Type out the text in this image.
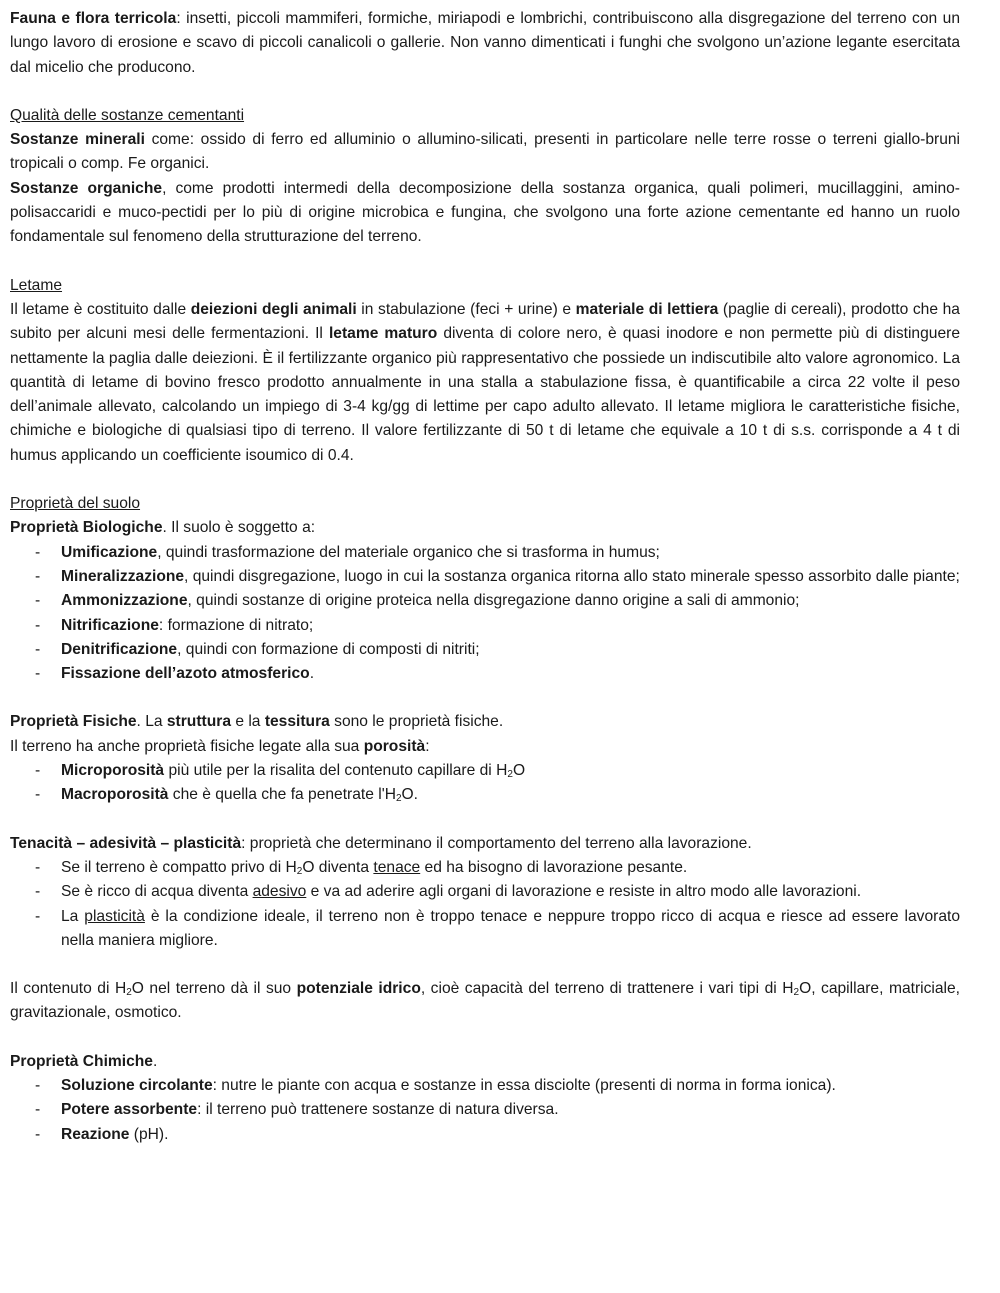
Fauna e flora terricola: insetti, piccoli mammiferi, formiche, miriapodi e lombrichi, contribuiscono alla disgregazione del terreno con un lungo lavoro di erosione e scavo di piccoli canalicoli o gallerie. Non vanno dimenticati i funghi che svolgono un’azione legante esercitata dal micelio che producono.

Qualità delle sostanze cementanti

Sostanze minerali come: ossido di ferro ed alluminio o allumino-silicati, presenti in particolare nelle terre rosse o terreni giallo-bruni tropicali o comp. Fe organici.

Sostanze organiche, come prodotti intermedi della decomposizione della sostanza organica, quali polimeri, mucillaggini, amino-polisaccaridi e muco-pectidi per lo più di origine microbica e fungina, che svolgono una forte azione cementante ed hanno un ruolo fondamentale sul fenomeno della strutturazione del terreno.

Letame

Il letame è costituito dalle deiezioni degli animali in stabulazione (feci + urine) e materiale di lettiera (paglie di cereali), prodotto che ha subito per alcuni mesi delle fermentazioni. Il letame maturo diventa di colore nero, è quasi inodore e non permette più di distinguere nettamente la paglia dalle deiezioni. È il fertilizzante organico più rappresentativo che possiede un indiscutibile alto valore agronomico. La quantità di letame di bovino fresco prodotto annualmente in una stalla a stabulazione fissa, è quantificabile a circa 22 volte il peso dell’animale allevato, calcolando un impiego di 3-4 kg/gg di lettime per capo adulto allevato. Il letame migliora le caratteristiche fisiche, chimiche e biologiche di qualsiasi tipo di terreno. Il valore fertilizzante di 50 t di letame che equivale a 10 t di s.s. corrisponde a 4 t di humus applicando un coefficiente isoumico di 0.4.

Proprietà del suolo

Proprietà Biologiche. Il suolo è soggetto a:

- Umificazione, quindi trasformazione del materiale organico che si trasforma in humus;
- Mineralizzazione, quindi disgregazione, luogo in cui la sostanza organica ritorna allo stato minerale spesso assorbito dalle piante;
- Ammonizzazione, quindi sostanze di origine proteica nella disgregazione danno origine a sali di ammonio;
- Nitrificazione: formazione di nitrato;
- Denitrificazione, quindi con formazione di composti di nitriti;
- Fissazione dell’azoto atmosferico.

Proprietà Fisiche. La struttura e la tessitura sono le proprietà fisiche.

Il terreno ha anche proprietà fisiche legate alla sua porosità:

- Microporosità più utile per la risalita del contenuto capillare di $H_2O$
- Macroporosità che è quella che fa penetrate $l'H_2O$.

Tenacità – adesività – plasticità: proprietà che determinano il comportamento del terreno alla lavorazione.

- Se il terreno è compatto privo di $H_2O$ diventa tenace ed ha bisogno di lavorazione pesante.
- Se è ricco di acqua diventa adesivo e va ad aderire agli organi di lavorazione e resiste in altro modo alle lavorazioni.
- La plasticità è la condizione ideale, il terreno non è troppo tenace e neppure troppo ricco di acqua e riesce ad essere lavorato nella maniera migliore.

Il contenuto di $H_2O$ nel terreno dà il suo potenziale idrico, cioè capacità del terreno di trattenere i vari tipi di $H_2O$, capillare, matriciale, gravitazionale, osmotico.

Proprietà Chimiche.

- Soluzione circolante: nutre le piante con acqua e sostanze in essa disciolte (presenti di norma in forma ionica).
- Potere assorbente: il terreno può trattenere sostanze di natura diversa.
- Reazione (pH).
